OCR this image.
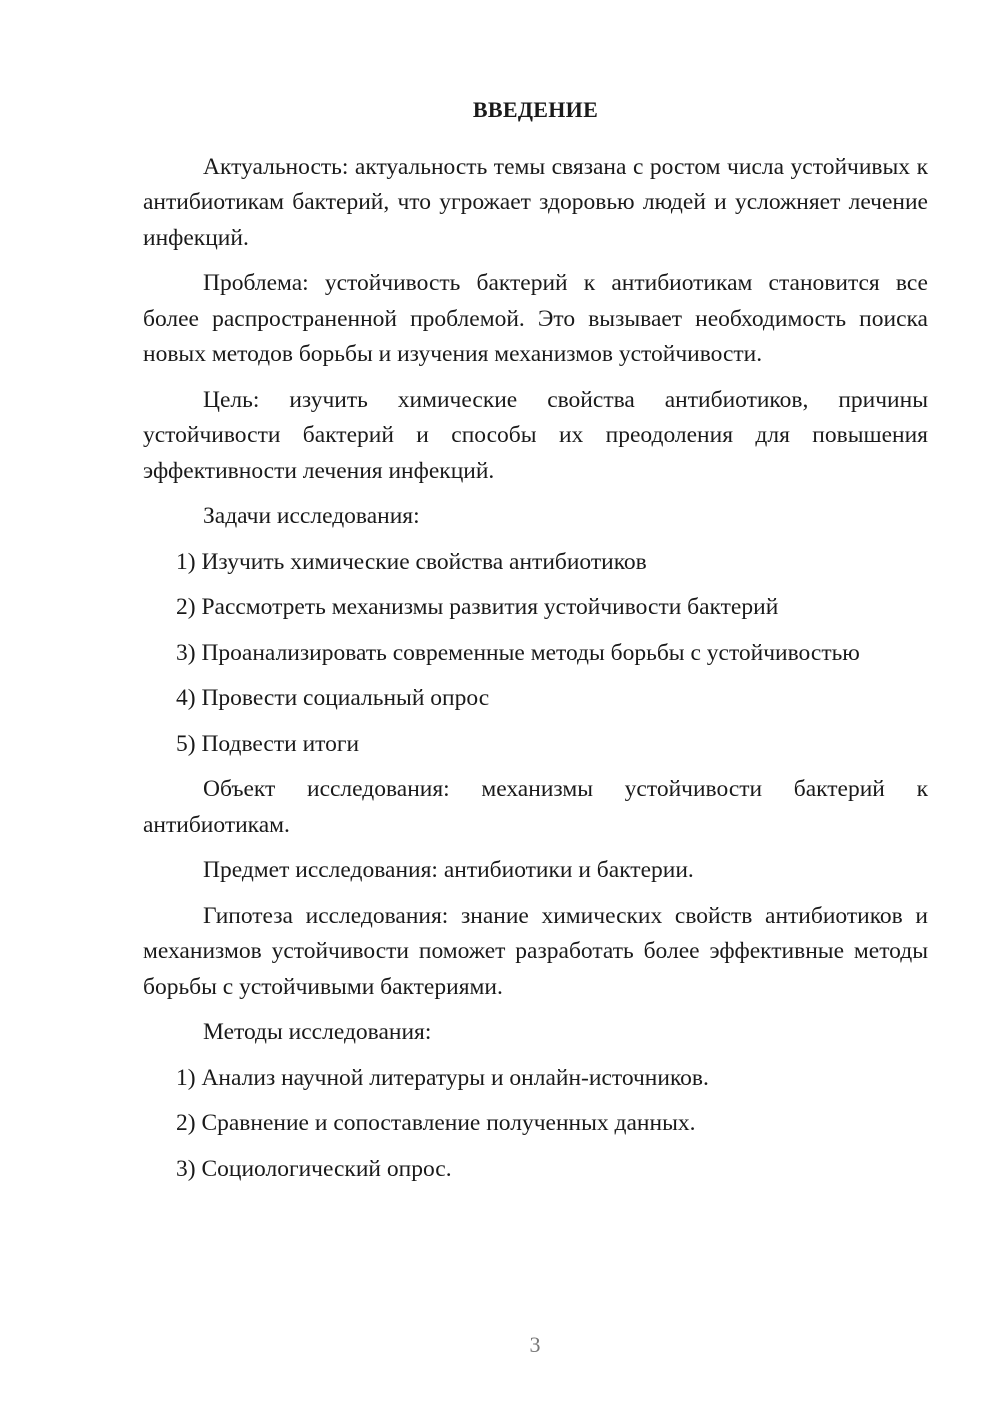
ВВЕДЕНИЕ

Актуальность: актуальность темы связана с ростом числа устойчивых к антибиотикам бактерий, что угрожает здоровью людей и усложняет лечение инфекций.

Проблема: устойчивость бактерий к антибиотикам становится все более распространенной проблемой. Это вызывает необходимость поиска новых методов борьбы и изучения механизмов устойчивости.

Цель: изучить химические свойства антибиотиков, причины устойчивости бактерий и способы их преодоления для повышения эффективности лечения инфекций.

Задачи исследования:

1) Изучить химические свойства антибиотиков
2) Рассмотреть механизмы развития устойчивости бактерий
3) Проанализировать современные методы борьбы с устойчивостью
4) Провести социальный опрос
5) Подвести итоги

Объект исследования: механизмы устойчивости бактерий к антибиотикам.

Предмет исследования: антибиотики и бактерии.

Гипотеза исследования: знание химических свойств антибиотиков и механизмов устойчивости поможет разработать более эффективные методы борьбы с устойчивыми бактериями.

Методы исследования:

1) Анализ научной литературы и онлайн-источников.
2) Сравнение и сопоставление полученных данных.
3) Социологический опрос.
3
